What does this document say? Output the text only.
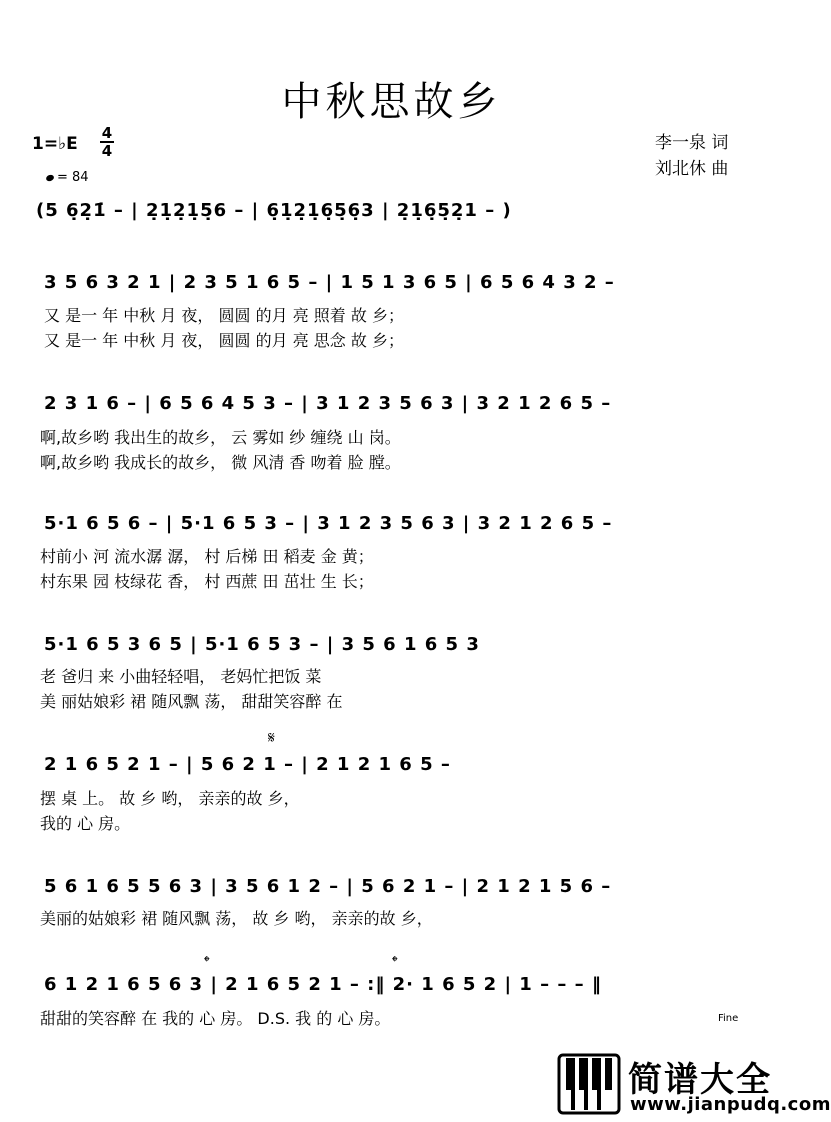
中秋思故乡
1=♭E
4
4
= 84
李一泉 词
刘北休 曲
(5 6̣2̣1̇ – | 2̣1̣2̣1̣5̣6 – | 6̣1̣2̣1̣6̣5̣6̣3 | 2̣1̣6̣5̣2̣1 – )
3 5 6 3 2 1 | 2 3 5 1 6 5 – | 1 5 1 3 6 5 | 6 5 6 4 3 2 –
又 是一 年 中秋 月 夜， 圆圆 的月 亮 照着 故 乡；
又 是一 年 中秋 月 夜， 圆圆 的月 亮 思念 故 乡；
2 3 1 6 – | 6 5 6 4 5 3 – | 3 1 2 3 5 6 3 | 3 2 1 2 6 5 –
啊,故乡哟 我出生的故乡， 云 雾如 纱 缠绕 山 岗。
啊,故乡哟 我成长的故乡， 微 风清 香 吻着 脸 膛。
5·1 6 5 6 – | 5·1 6 5 3 – | 3 1 2 3 5 6 3 | 3 2 1 2 6 5 –
村前小 河 流水潺 潺， 村 后梯 田 稻麦 金 黄；
村东果 园 枝绿花 香， 村 西蔗 田 茁壮 生 长；
5·1 6 5 3 6 5 | 5·1 6 5 3 – | 3 5 6 1 6 5 3
老 爸归 来 小曲轻轻唱， 老妈忙把饭 菜
美 丽姑娘彩 裙 随风飘 荡， 甜甜笑容醉 在
𝄋
2 1 6 5 2 1 – | 5 6 2 1 – | 2 1 2 1 6 5 –
摆 桌 上。 故 乡 哟， 亲亲的故 乡，
我的 心 房。
5 6 1 6 5 5 6 3 | 3 5 6 1 2 – | 5 6 2 1 – | 2 1 2 1 5 6 –
美丽的姑娘彩 裙 随风飘 荡， 故 乡 哟， 亲亲的故 乡，
𝄌	𝄌
6 1 2 1 6 5 6 3 | 2 1 6 5 2 1 – :‖ 2· 1 6 5 2 | 1 – – – ‖
甜甜的笑容醉 在 我的 心 房。 D.S. 我 的 心 房。	Fine
简谱大全
www.jianpudq.com
